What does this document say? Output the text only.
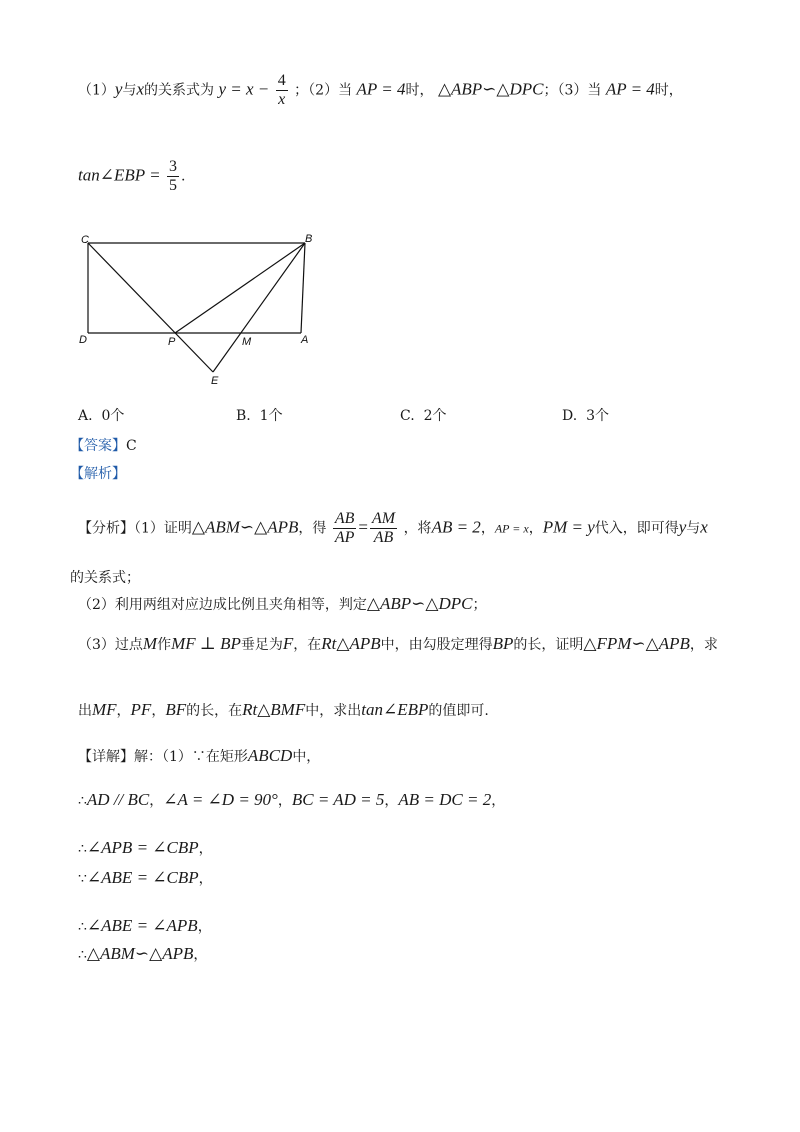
（1）y与x的关系式为 $y = x - \frac{4}{x}$ ；（2）当 AP = 4时， △ABP∽△DPC；（3）当 AP = 4时，
tan∠EBP = $\frac{3}{5}$ .
C	B
D	P	M	A
E
A. 0个	B. 1个	C. 2个	D. 3个
【答案】C
【解析】
【分析】（1）证明△ABM∽△APB，得 $\frac{AB}{AP} = \frac{AM}{AB}$ ，将AB = 2，AP = x，PM = y代入，即可得y与x
的关系式；
（2）利用两组对应边成比例且夹角相等，判定△ABP∽△DPC；
（3）过点M作MF ⊥ BP垂足为F，在Rt△APB中，由勾股定理得BP的长，证明△FPM∽△APB，求
出MF，PF，BF的长，在Rt△BMF中，求出tan∠EBP的值即可.
【详解】解：（1）∵在矩形ABCD中，
∴AD // BC，∠A = ∠D = 90°，BC = AD = 5，AB = DC = 2，
∴∠APB = ∠CBP，
∵∠ABE = ∠CBP，
∴∠ABE = ∠APB，
∴△ABM∽△APB，
